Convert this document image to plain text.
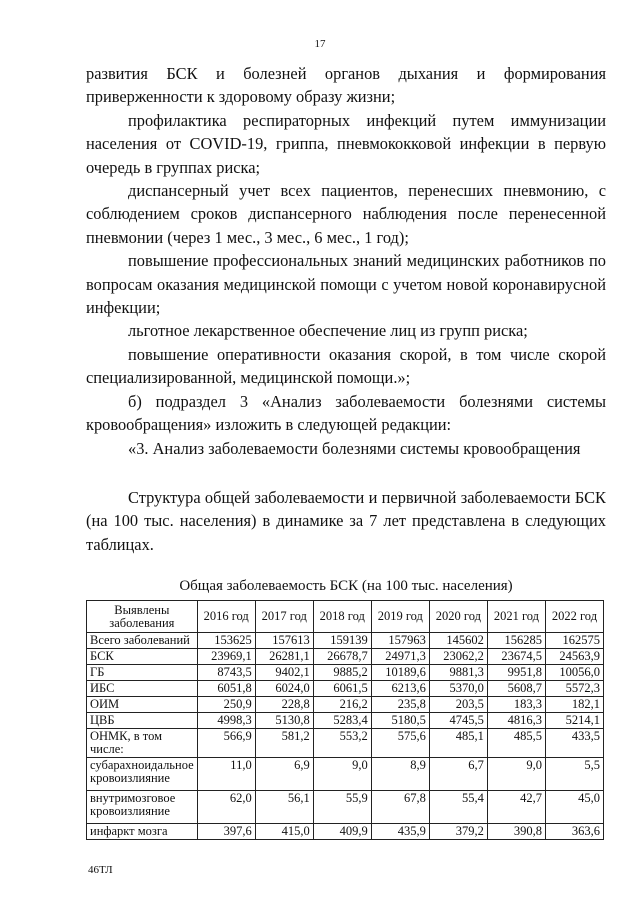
17

развития БСК и болезней органов дыхания и формирования приверженности к здоровому образу жизни;

профилактика респираторных инфекций путем иммунизации населения от COVID-19, гриппа, пневмококковой инфекции в первую очередь в группах риска;

диспансерный учет всех пациентов, перенесших пневмонию, с соблюдением сроков диспансерного наблюдения после перенесенной пневмонии (через 1 мес., 3 мес., 6 мес., 1 год);

повышение профессиональных знаний медицинских работников по вопросам оказания медицинской помощи с учетом новой коронавирусной инфекции;

льготное лекарственное обеспечение лиц из групп риска;

повышение оперативности оказания скорой, в том числе скорой специализированной, медицинской помощи.»;

б) подраздел 3 «Анализ заболеваемости болезнями системы кровообращения» изложить в следующей редакции:

«3. Анализ заболеваемости болезнями системы кровообращения

Структура общей заболеваемости и первичной заболеваемости БСК (на 100 тыс. населения) в динамике за 7 лет представлена в следующих таблицах.

Общая заболеваемость БСК (на 100 тыс. населения)
Выявлены заболевания	2016 год	2017 год	2018 год	2019 год	2020 год	2021 год	2022 год
Всего заболеваний	153625	157613	159139	157963	145602	156285	162575
БСК	23969,1	26281,1	26678,7	24971,3	23062,2	23674,5	24563,9
ГБ	8743,5	9402,1	9885,2	10189,6	9881,3	9951,8	10056,0
ИБС	6051,8	6024,0	6061,5	6213,6	5370,0	5608,7	5572,3
ОИМ	250,9	228,8	216,2	235,8	203,5	183,3	182,1
ЦВБ	4998,3	5130,8	5283,4	5180,5	4745,5	4816,3	5214,1
ОНМК, в том числе:	566,9	581,2	553,2	575,6	485,1	485,5	433,5
субарахноидальное кровоизлияние	11,0	6,9	9,0	8,9	6,7	9,0	5,5
внутримозговое кровоизлияние	62,0	56,1	55,9	67,8	55,4	42,7	45,0
инфаркт мозга	397,6	415,0	409,9	435,9	379,2	390,8	363,6
46ТЛ
